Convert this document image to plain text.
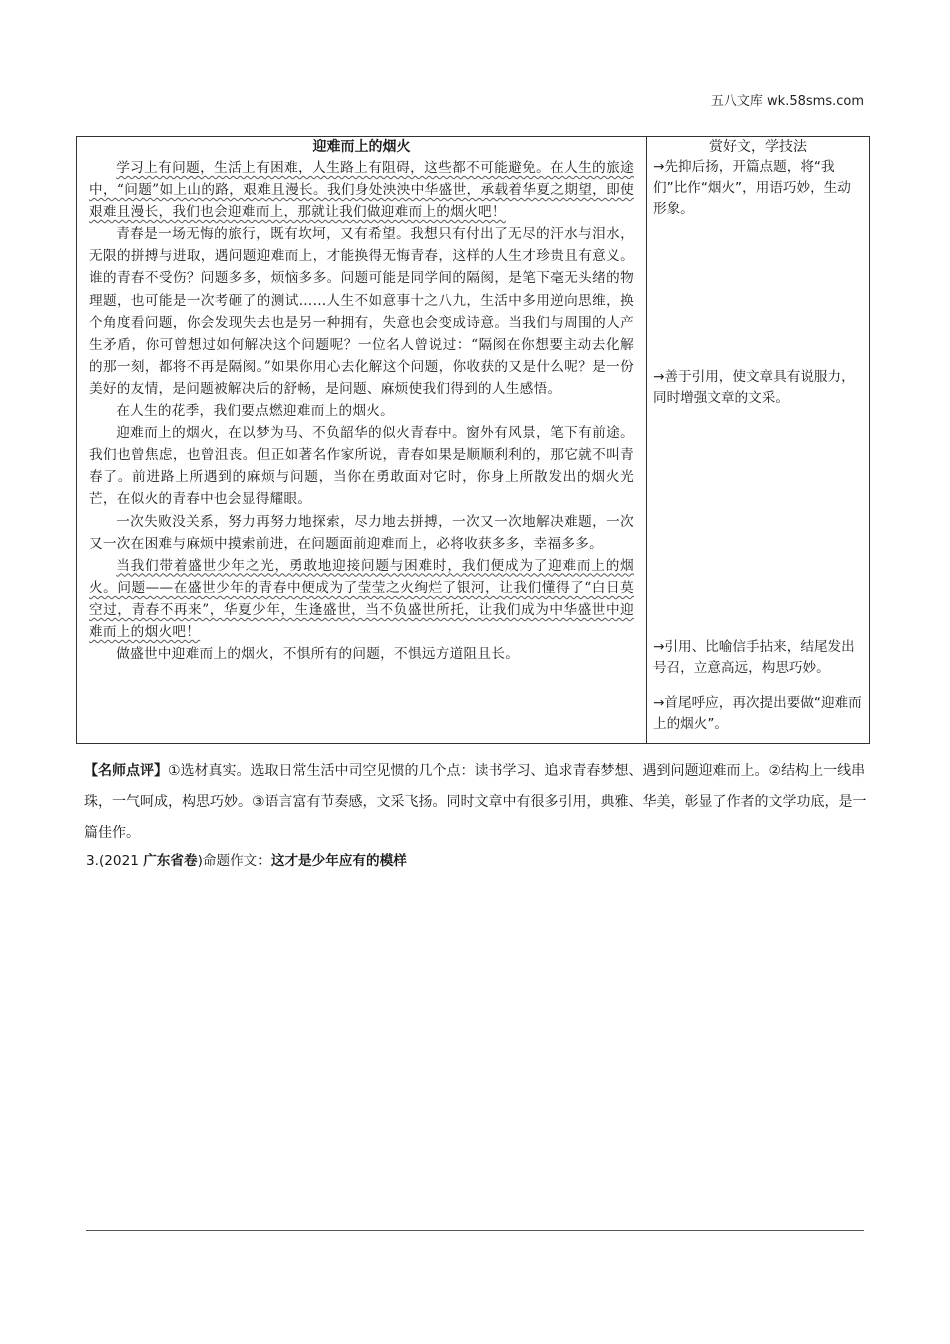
五八文库 wk.58sms.com
迎难而上的烟火

学习上有问题，生活上有困难，人生路上有阻碍，这些都不可能避免。在人生的旅途中，“问题”如上山的路，艰难且漫长。我们身处泱泱中华盛世，承载着华夏之期望，即使艰难且漫长，我们也会迎难而上，那就让我们做迎难而上的烟火吧！

青春是一场无悔的旅行，既有坎坷，又有希望。我想只有付出了无尽的汗水与泪水，无限的拼搏与进取，遇问题迎难而上，才能换得无悔青春，这样的人生才珍贵且有意义。谁的青春不受伤？问题多多，烦恼多多。问题可能是同学间的隔阂，是笔下毫无头绪的物理题，也可能是一次考砸了的测试……人生不如意事十之八九，生活中多用逆向思维，换个角度看问题，你会发现失去也是另一种拥有，失意也会变成诗意。当我们与周围的人产生矛盾，你可曾想过如何解决这个问题呢？一位名人曾说过：“隔阂在你想要主动去化解的那一刻，都将不再是隔阂。”如果你用心去化解这个问题，你收获的又是什么呢？是一份美好的友情，是问题被解决后的舒畅，是问题、麻烦使我们得到的人生感悟。

在人生的花季，我们要点燃迎难而上的烟火。

迎难而上的烟火，在以梦为马、不负韶华的似火青春中。窗外有风景，笔下有前途。我们也曾焦虑，也曾沮丧。但正如著名作家所说，青春如果是顺顺利利的，那它就不叫青春了。前进路上所遇到的麻烦与问题，当你在勇敢面对它时，你身上所散发出的烟火光芒，在似火的青春中也会显得耀眼。

一次失败没关系，努力再努力地探索，尽力地去拼搏，一次又一次地解决难题，一次又一次在困难与麻烦中摸索前进，在问题面前迎难而上，必将收获多多，幸福多多。

当我们带着盛世少年之光，勇敢地迎接问题与困难时，我们便成为了迎难而上的烟火。问题——在盛世少年的青春中便成为了莹莹之火绚烂了银河，让我们懂得了“白日莫空过，青春不再来”，华夏少年，生逢盛世，当不负盛世所托，让我们成为中华盛世中迎难而上的烟火吧！

做盛世中迎难而上的烟火，不惧所有的问题，不惧远方道阻且长。

赏好文，学技法

→先抑后扬，开篇点题，将“我们”比作“烟火”，用语巧妙，生动形象。

→善于引用，使文章具有说服力，同时增强文章的文采。

→引用、比喻信手拈来，结尾发出号召，立意高远，构思巧妙。

→首尾呼应，再次提出要做“迎难而上的烟火”。

【名师点评】①选材真实。选取日常生活中司空见惯的几个点：读书学习、追求青春梦想、遇到问题迎难而上。②结构上一线串珠，一气呵成，构思巧妙。③语言富有节奏感，文采飞扬。同时文章中有很多引用，典雅、华美，彰显了作者的文学功底，是一篇佳作。
3.(2021 广东省卷)命题作文：这才是少年应有的模样
